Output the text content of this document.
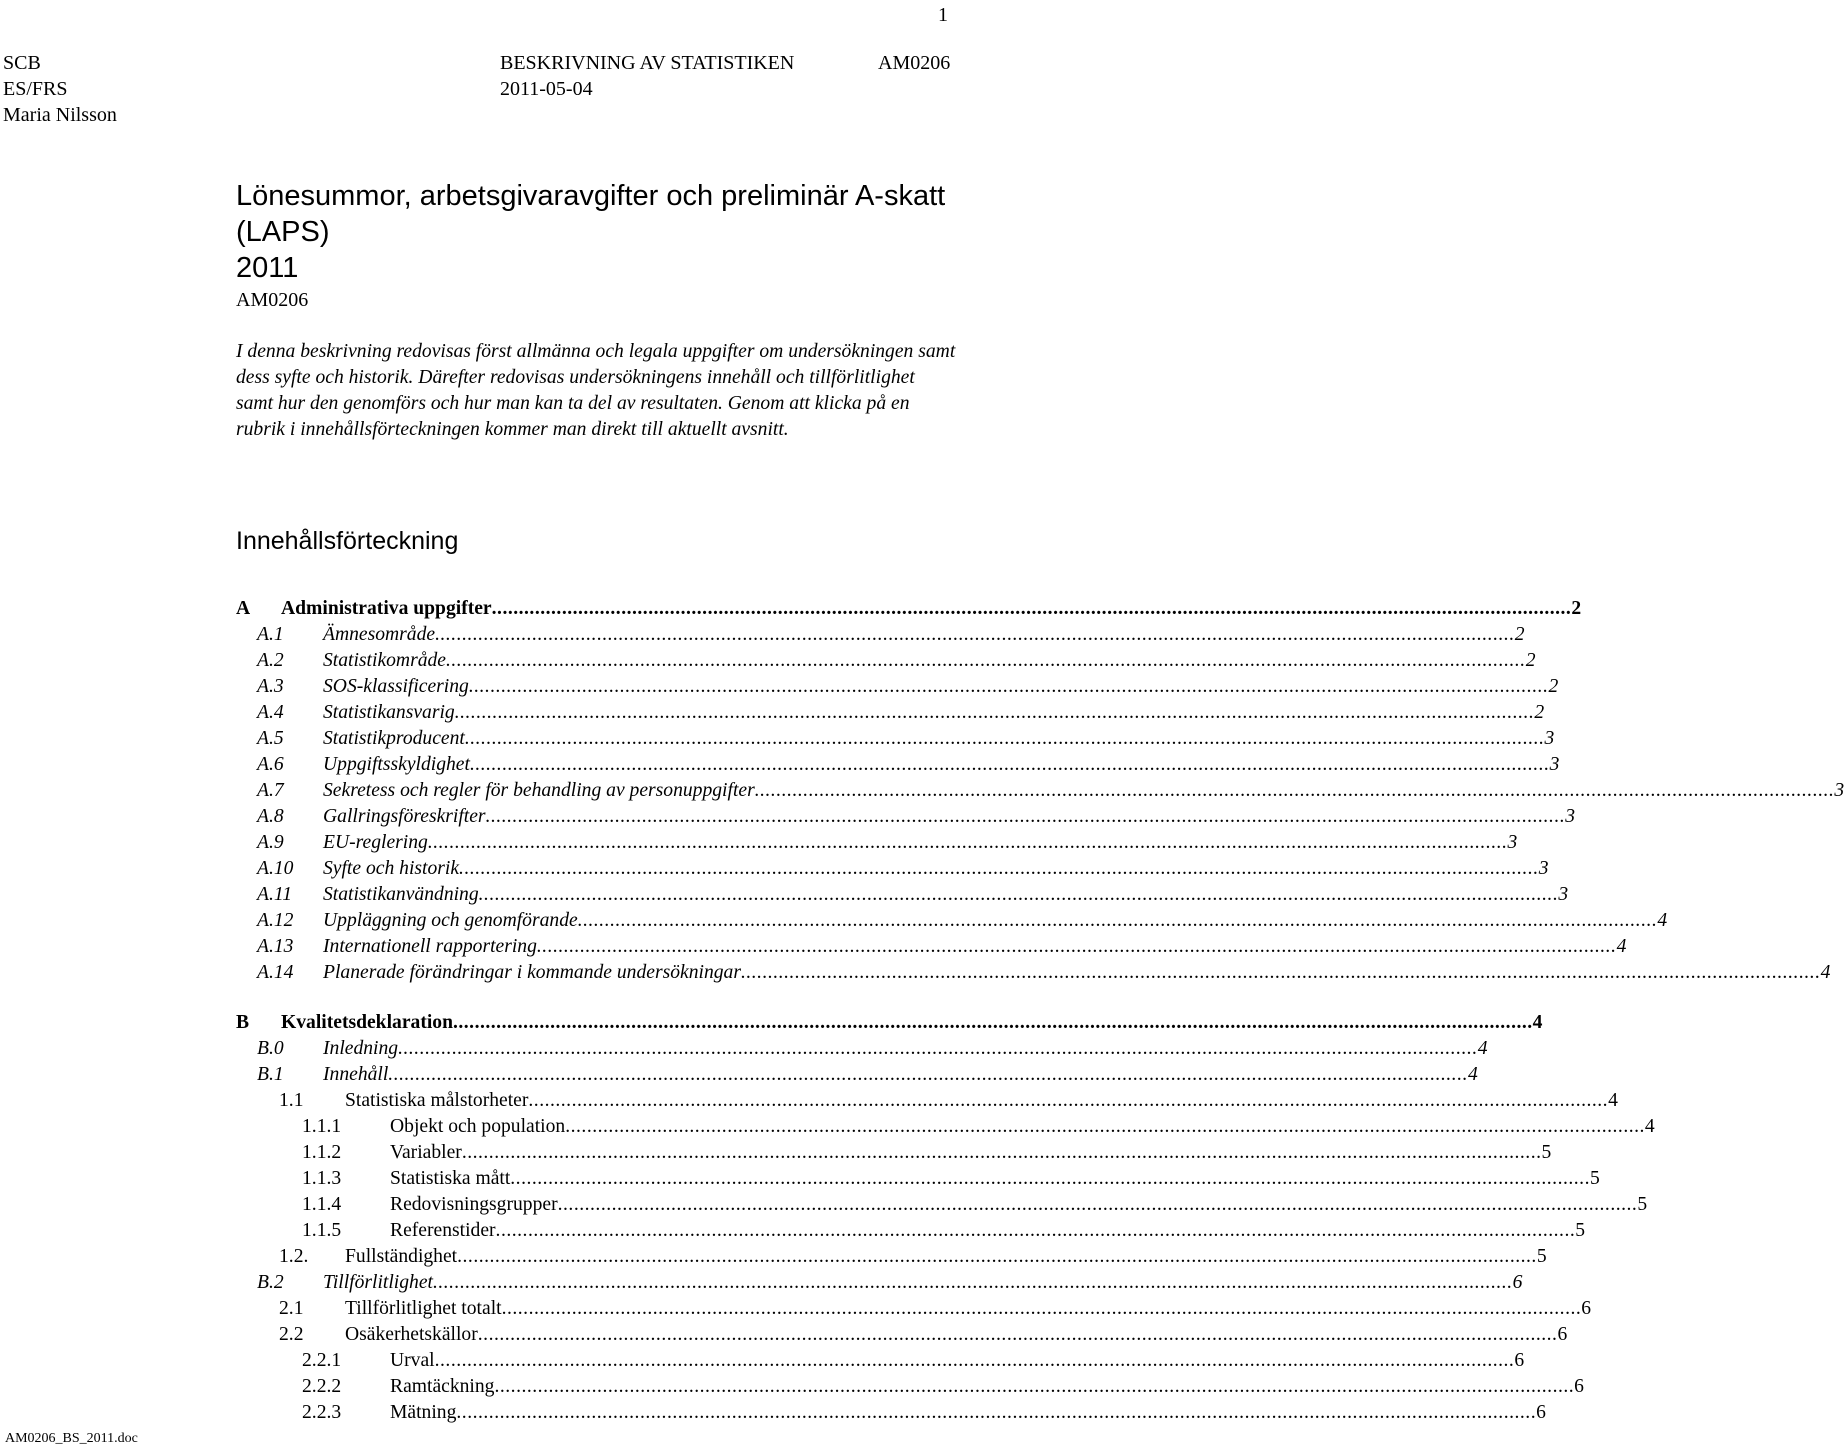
1
SCB
ES/FRS
Maria Nilsson
BESKRIVNING AV STATISTIKEN
2011-05-04
AM0206
Lönesummor, arbetsgivaravgifter och preliminär A-skatt (LAPS)
2011
AM0206
I denna beskrivning redovisas först allmänna och legala uppgifter om undersökningen samt dess syfte och historik. Därefter redovisas undersökningens innehåll och tillförlitlighet samt hur den genomförs och hur man kan ta del av resultaten. Genom att klicka på en rubrik i innehållsförteckningen kommer man direkt till aktuellt avsnitt.
Innehållsförteckning
A	Administrativa uppgifter ........................................................................................................................................................................................................ 2
A.1	Ämnesområde ........................................................................................................................................................................................................ 2
A.2	Statistikområde ........................................................................................................................................................................................................ 2
A.3	SOS-klassificering ........................................................................................................................................................................................................ 2
A.4	Statistikansvarig ........................................................................................................................................................................................................ 2
A.5	Statistikproducent ........................................................................................................................................................................................................ 3
A.6	Uppgiftsskyldighet ........................................................................................................................................................................................................ 3
A.7	Sekretess och regler för behandling av personuppgifter ........................................................................................................................................................................................................ 3
A.8	Gallringsföreskrifter ........................................................................................................................................................................................................ 3
A.9	EU-reglering ........................................................................................................................................................................................................ 3
A.10	Syfte och historik ........................................................................................................................................................................................................ 3
A.11	Statistikanvändning ........................................................................................................................................................................................................ 3
A.12	Uppläggning och genomförande ........................................................................................................................................................................................................ 4
A.13	Internationell rapportering ........................................................................................................................................................................................................ 4
A.14	Planerade förändringar i kommande undersökningar ........................................................................................................................................................................................................ 4
B	Kvalitetsdeklaration ........................................................................................................................................................................................................ 4
B.0	Inledning ........................................................................................................................................................................................................ 4
B.1	Innehåll ........................................................................................................................................................................................................ 4
1.1	Statistiska målstorheter ........................................................................................................................................................................................................ 4
1.1.1	Objekt och population ........................................................................................................................................................................................................ 4
1.1.2	Variabler ........................................................................................................................................................................................................ 5
1.1.3	Statistiska mått ........................................................................................................................................................................................................ 5
1.1.4	Redovisningsgrupper ........................................................................................................................................................................................................ 5
1.1.5	Referenstider ........................................................................................................................................................................................................ 5
1.2.	Fullständighet ........................................................................................................................................................................................................ 5
B.2	Tillförlitlighet ........................................................................................................................................................................................................ 6
2.1	Tillförlitlighet totalt ........................................................................................................................................................................................................ 6
2.2	Osäkerhetskällor ........................................................................................................................................................................................................ 6
2.2.1	Urval ........................................................................................................................................................................................................ 6
2.2.2	Ramtäckning ........................................................................................................................................................................................................ 6
2.2.3	Mätning ........................................................................................................................................................................................................ 6
AM0206_BS_2011.doc
